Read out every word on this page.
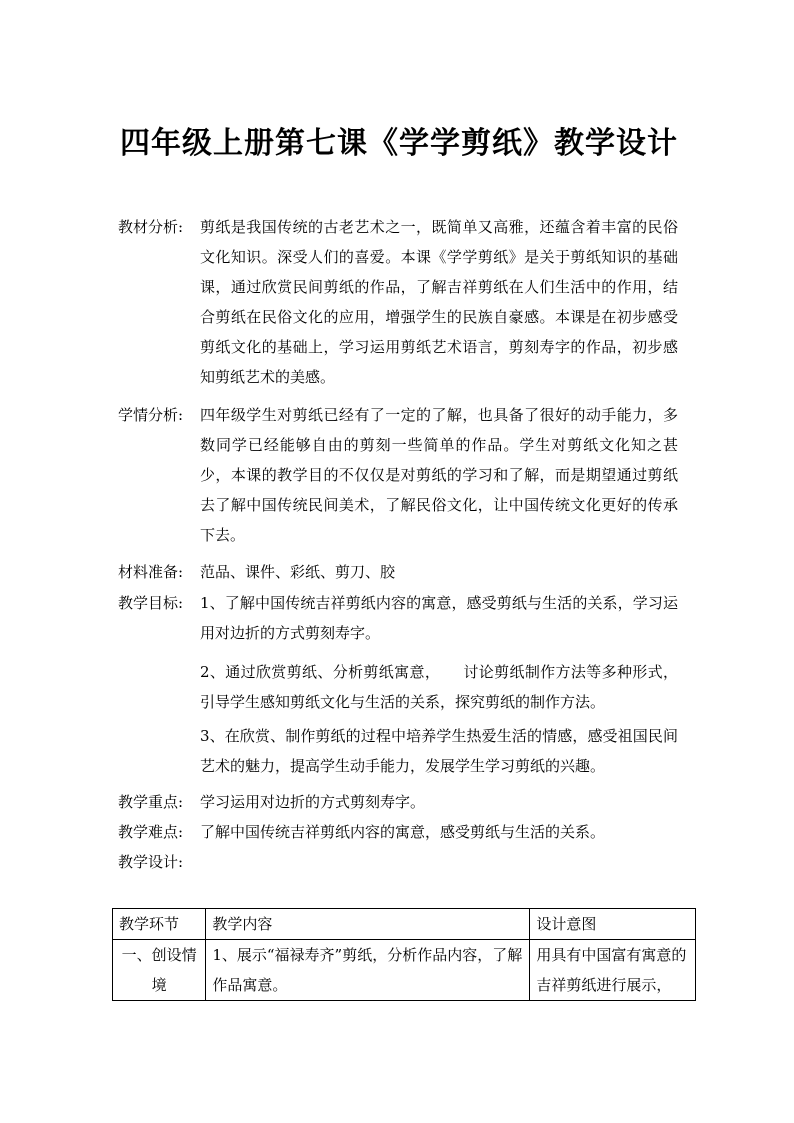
四年级上册第七课《学学剪纸》教学设计
教材分析: 剪纸是我国传统的古老艺术之一，既简单又高雅，还蕴含着丰富的民俗文化知识。深受人们的喜爱。本课《学学剪纸》是关于剪纸知识的基础课，通过欣赏民间剪纸的作品，了解吉祥剪纸在人们生活中的作用，结合剪纸在民俗文化的应用，增强学生的民族自豪感。本课是在初步感受剪纸文化的基础上，学习运用剪纸艺术语言，剪刻寿字的作品，初步感知剪纸艺术的美感。

学情分析: 四年级学生对剪纸已经有了一定的了解，也具备了很好的动手能力，多数同学已经能够自由的剪刻一些简单的作品。学生对剪纸文化知之甚少，本课的教学目的不仅仅是对剪纸的学习和了解，而是期望通过剪纸去了解中国传统民间美术，了解民俗文化，让中国传统文化更好的传承下去。

材料准备: 范品、课件、彩纸、剪刀、胶

教学目标: 1、了解中国传统吉祥剪纸内容的寓意，感受剪纸与生活的关系，学习运用对边折的方式剪刻寿字。

2、通过欣赏剪纸、分析剪纸寓意，　　讨论剪纸制作方法等多种形式，引导学生感知剪纸文化与生活的关系，探究剪纸的制作方法。

3、在欣赏、制作剪纸的过程中培养学生热爱生活的情感，感受祖国民间艺术的魅力，提高学生动手能力，发展学生学习剪纸的兴趣。

教学重点: 学习运用对边折的方式剪刻寿字。

教学难点: 了解中国传统吉祥剪纸内容的寓意，感受剪纸与生活的关系。

教学设计:
教学环节	教学内容	设计意图
一、创设情境	1、展示“福禄寿齐”剪纸，分析作品内容，了解作品寓意。	用具有中国富有寓意的吉祥剪纸进行展示，
